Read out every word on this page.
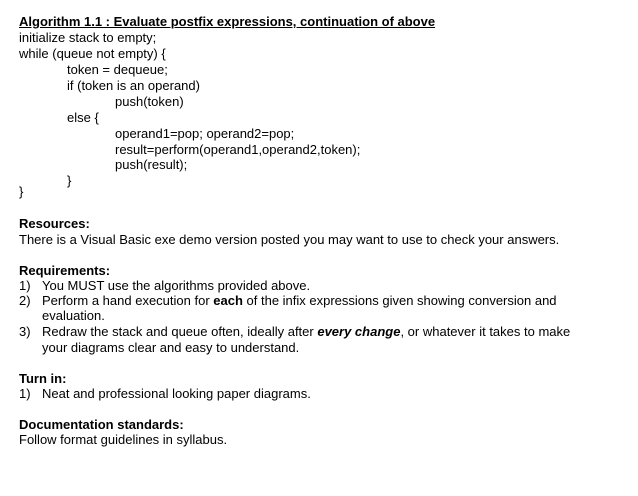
Algorithm 1.1 : Evaluate postfix expressions, continuation of above
initialize stack to empty;
while (queue not empty) {
token = dequeue;
if (token is an operand)
push(token)
else {
operand1=pop; operand2=pop;
result=perform(operand1,operand2,token);
push(result);
}
}
Resources:
There is a Visual Basic exe demo version posted you may want to use to check your answers.
Requirements:
1) You MUST use the algorithms provided above.
2) Perform a hand execution for each of the infix expressions given showing conversion and
evaluation.
3) Redraw the stack and queue often, ideally after every change, or whatever it takes to make
your diagrams clear and easy to understand.
Turn in:
1) Neat and professional looking paper diagrams.
Documentation standards:
Follow format guidelines in syllabus.
